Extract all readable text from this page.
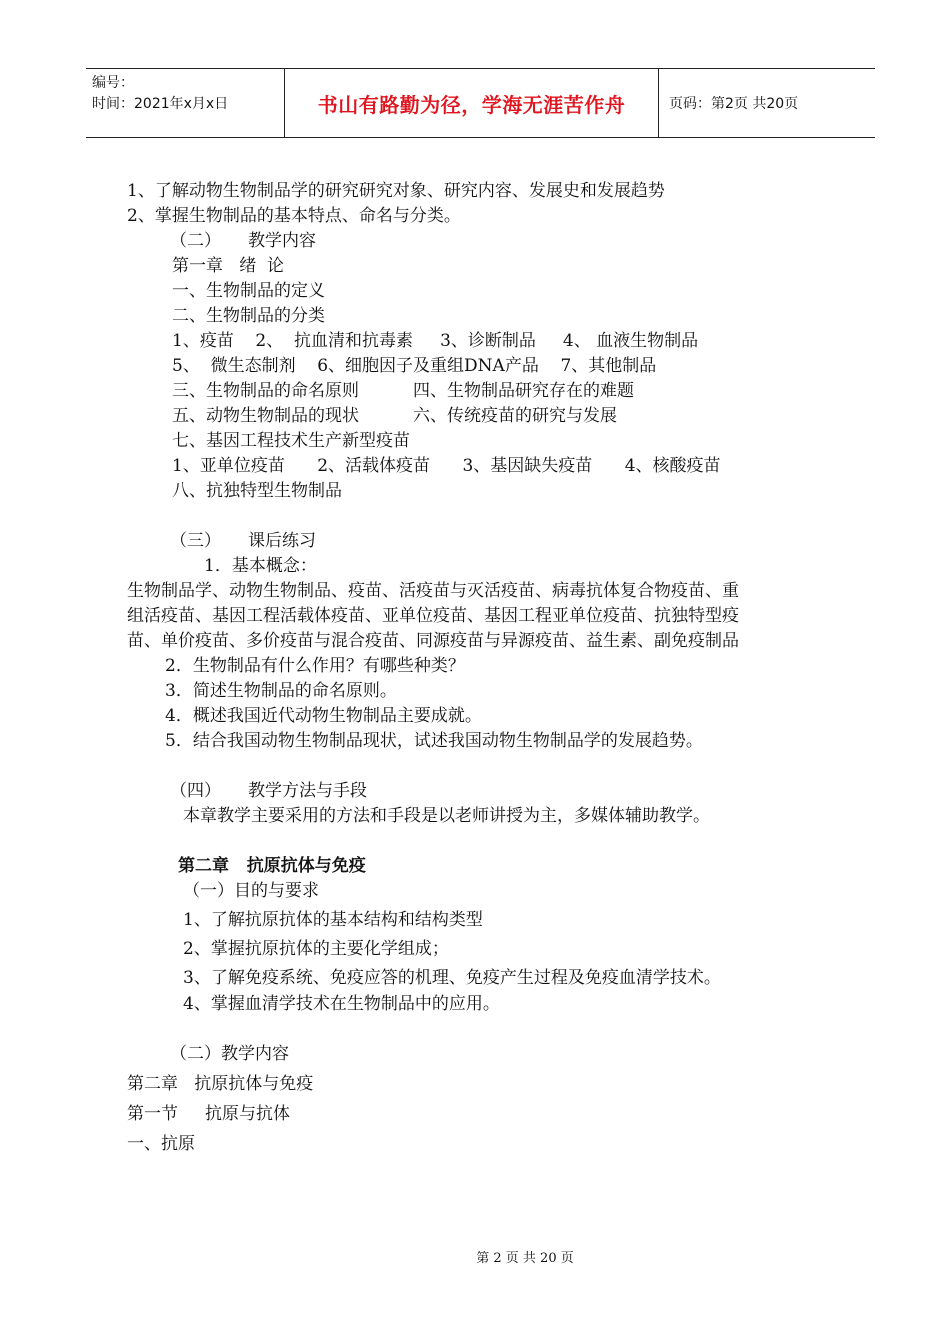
编号：
时间：2021年x月x日	书山有路勤为径，学海无涯苦作舟	页码：第2页 共20页
1、了解动物生物制品学的研究研究对象、研究内容、发展史和发展趋势
2、掌握生物制品的基本特点、命名与分类。
（二）     教学内容
第一章   绪  论
一、生物制品的定义
二、生物制品的分类
1、疫苗    2、  抗血清和抗毒素     3、诊断制品     4、 血液生物制品
5、  微生态制剂    6、细胞因子及重组DNA产品    7、其他制品
三、生物制品的命名原则          四、生物制品研究存在的难题
五、动物生物制品的现状          六、传统疫苗的研究与发展
七、基因工程技术生产新型疫苗
1、亚单位疫苗      2、活载体疫苗      3、基因缺失疫苗      4、核酸疫苗
八、抗独特型生物制品
（三）     课后练习
1．基本概念：
生物制品学、动物生物制品、疫苗、活疫苗与灭活疫苗、病毒抗体复合物疫苗、重
组活疫苗、基因工程活载体疫苗、亚单位疫苗、基因工程亚单位疫苗、抗独特型疫
苗、单价疫苗、多价疫苗与混合疫苗、同源疫苗与异源疫苗、益生素、副免疫制品
2．生物制品有什么作用？有哪些种类？
3．简述生物制品的命名原则。
4．概述我国近代动物生物制品主要成就。
5．结合我国动物生物制品现状，试述我国动物生物制品学的发展趋势。
（四）     教学方法与手段
本章教学主要采用的方法和手段是以老师讲授为主，多媒体辅助教学。
第二章   抗原抗体与免疫
（一）目的与要求
1、了解抗原抗体的基本结构和结构类型
2、掌握抗原抗体的主要化学组成；
3、了解免疫系统、免疫应答的机理、免疫产生过程及免疫血清学技术。
4、掌握血清学技术在生物制品中的应用。
（二）教学内容
第二章   抗原抗体与免疫
第一节     抗原与抗体
一、抗原
第 2 页 共 20 页
